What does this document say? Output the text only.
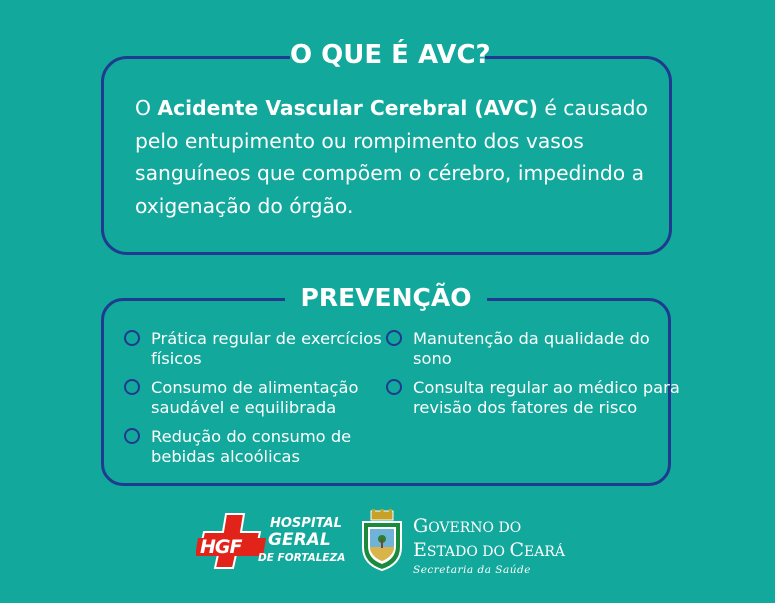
O QUE É AVC?
O Acidente Vascular Cerebral (AVC) é causado pelo entupimento ou rompimento dos vasos sanguíneos que compõem o cérebro, impedindo a oxigenação do órgão.
PREVENÇÃO
Prática regular de exercícios físicos
Consumo de alimentação saudável e equilibrada
Redução do consumo de bebidas alcoólicas
Manutenção da qualidade do sono
Consulta regular ao médico para revisão dos fatores de risco
HGF
HOSPITAL
GERAL
DE FORTALEZA
GOVERNO DO
ESTADO DO CEARÁ
Secretaria da Saúde
